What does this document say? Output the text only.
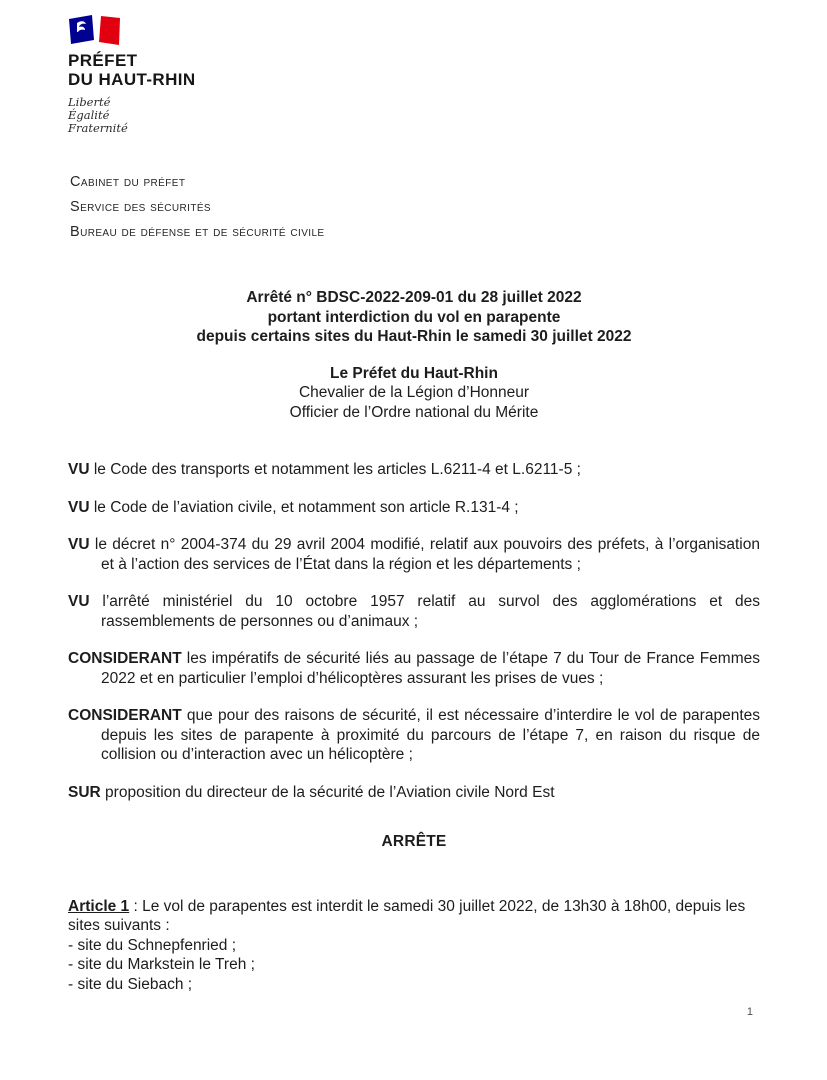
PRÉFET
DU HAUT-RHIN
Liberté
Égalité
Fraternité
Cabinet du préfet
Service des sécurités
Bureau de défense et de sécurité civile
Arrêté n° BDSC-2022-209-01 du 28 juillet 2022
portant interdiction du vol en parapente
depuis certains sites du Haut-Rhin le samedi 30 juillet 2022
Le Préfet du Haut-Rhin
Chevalier de la Légion d’Honneur
Officier de l’Ordre national du Mérite

VU le Code des transports et notamment les articles L.6211-4 et L.6211-5 ;

VU le Code de l’aviation civile, et notamment son article R.131-4 ;

VU le décret n° 2004-374 du 29 avril 2004 modifié, relatif aux pouvoirs des préfets, à l’organisation et à l’action des services de l’État dans la région et les départements ;

VU l’arrêté ministériel du 10 octobre 1957 relatif au survol des agglomérations et des rassemblements de personnes ou d’animaux ;

CONSIDERANT les impératifs de sécurité liés au passage de l’étape 7 du Tour de France Femmes 2022 et en particulier l’emploi d’hélicoptères assurant les prises de vues ;

CONSIDERANT que pour des raisons de sécurité, il est nécessaire d’interdire le vol de parapentes depuis les sites de parapente à proximité du parcours de l’étape 7, en raison du risque de collision ou d’interaction avec un hélicoptère ;

SUR proposition du directeur de la sécurité de l’Aviation civile Nord Est

ARRÊTE

Article 1 : Le vol de parapentes est interdit le samedi 30 juillet 2022, de 13h30 à 18h00, depuis les sites suivants :

- site du Schnepfenried ;
- site du Markstein le Treh ;
- site du Siebach ;
1
